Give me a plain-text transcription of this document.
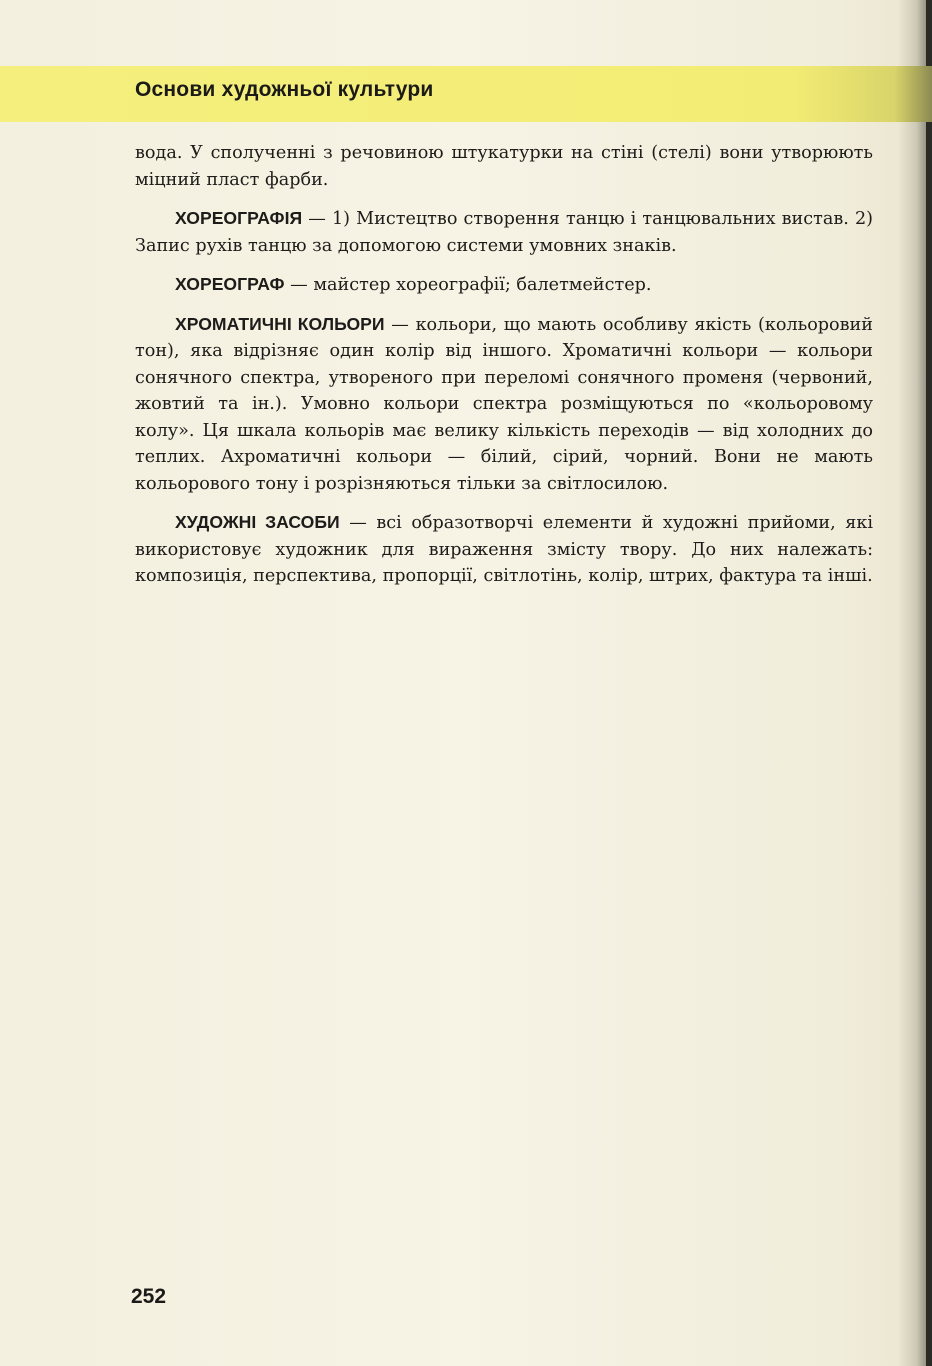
Основи художньої культури

вода. У сполученні з речовиною штукатурки на стіні (стелі) вони утворюють міцний пласт фарби.

ХОРЕОГРАФІЯ — 1) Мистецтво створення танцю і танцювальних вистав. 2) Запис рухів танцю за допомогою системи умовних знаків.

ХОРЕОГРАФ — майстер хореографії; балетмейстер.

ХРОМАТИЧНІ КОЛЬОРИ — кольори, що мають особливу якість (кольоровий тон), яка відрізняє один колір від іншого. Хроматичні кольори — кольори сонячного спектра, утвореного при переломі сонячного променя (червоний, жовтий та ін.). Умовно кольори спектра розміщуються по «кольоровому колу». Ця шкала кольорів має велику кількість переходів — від холодних до теплих. Ахроматичні кольори — білий, сірий, чорний. Вони не мають кольорового тону і розрізняються тільки за світлосилою.

ХУДОЖНІ ЗАСОБИ — всі образотворчі елементи й художні прийоми, які використовує художник для вираження змісту твору. До них належать: композиція, перспектива, пропорції, світлотінь, колір, штрих, фактура та інші.

252
